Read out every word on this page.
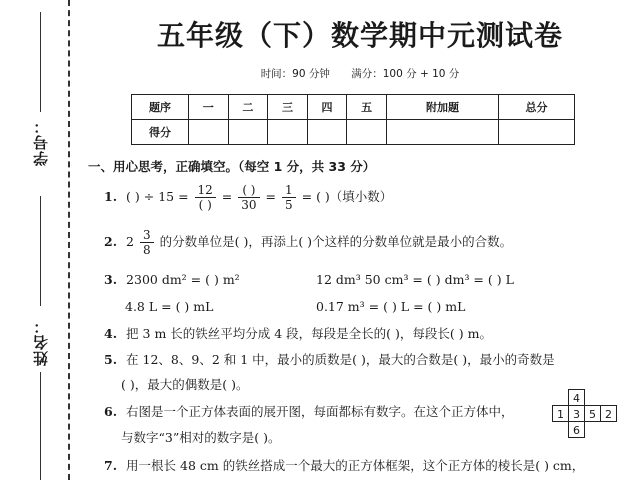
学号：
姓名：
五年级（下）数学期中元测试卷
时间：90 分钟 满分：100 分 + 10 分
题序	一	二	三	四	五	附加题	总分
得分							
一、用心思考，正确填空。（每空 1 分，共 33 分）
1. ( ) ÷ $15 = \frac{12}{( )} = \frac{( )}{30} = \frac{1}{5}$ = ( )（填小数）
2. $2 \frac{3}{8}$ 的分数单位是( )，再添上( )个这样的分数单位就是最小的合数。
3. 2300 dm² = ( ) m²	12 dm³ 50 cm³ = ( ) dm³ = ( ) L
4.8 L = ( ) mL	0.17 m³ = ( ) L = ( ) mL
4. 把 3 m 长的铁丝平均分成 4 段，每段是全长的( )，每段长( ) m。
5. 在 12、8、9、2 和 1 中，最小的质数是( )，最大的合数是( )，最小的奇数是
( )，最大的偶数是( )。
6. 右图是一个正方体表面的展开图，每面都标有数字。在这个正方体中，
与数字“3”相对的数字是( )。
4
1 3 5 2
6
7. 用一根长 48 cm 的铁丝搭成一个最大的正方体框架，这个正方体的棱长是( ) cm，
